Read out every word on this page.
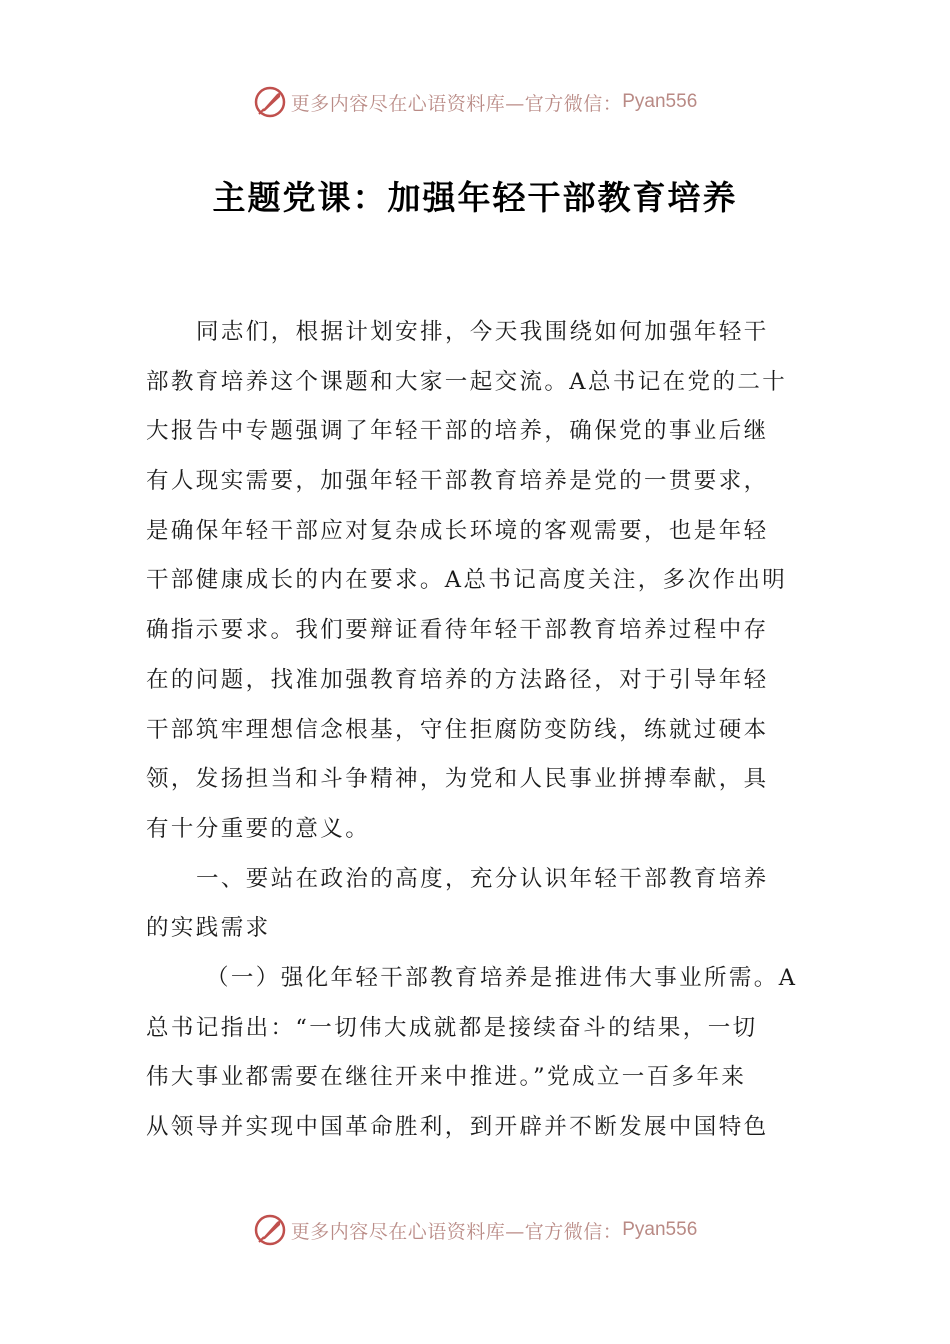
更多内容尽在心语资料库—官方微信： Pyan556
主题党课：加强年轻干部教育培养
同志们，根据计划安排，今天我围绕如何加强年轻干
部教育培养这个课题和大家一起交流。A总书记在党的二十
大报告中专题强调了年轻干部的培养，确保党的事业后继
有人现实需要，加强年轻干部教育培养是党的一贯要求，
是确保年轻干部应对复杂成长环境的客观需要，也是年轻
干部健康成长的内在要求。A总书记高度关注，多次作出明
确指示要求。我们要辩证看待年轻干部教育培养过程中存
在的问题，找准加强教育培养的方法路径，对于引导年轻
干部筑牢理想信念根基，守住拒腐防变防线，练就过硬本
领，发扬担当和斗争精神，为党和人民事业拼搏奉献，具
有十分重要的意义。
一、要站在政治的高度，充分认识年轻干部教育培养
的实践需求
（一）强化年轻干部教育培养是推进伟大事业所需。A
总书记指出：“一切伟大成就都是接续奋斗的结果，一切
伟大事业都需要在继往开来中推进。”党成立一百多年来
从领导并实现中国革命胜利，到开辟并不断发展中国特色
更多内容尽在心语资料库—官方微信： Pyan556
